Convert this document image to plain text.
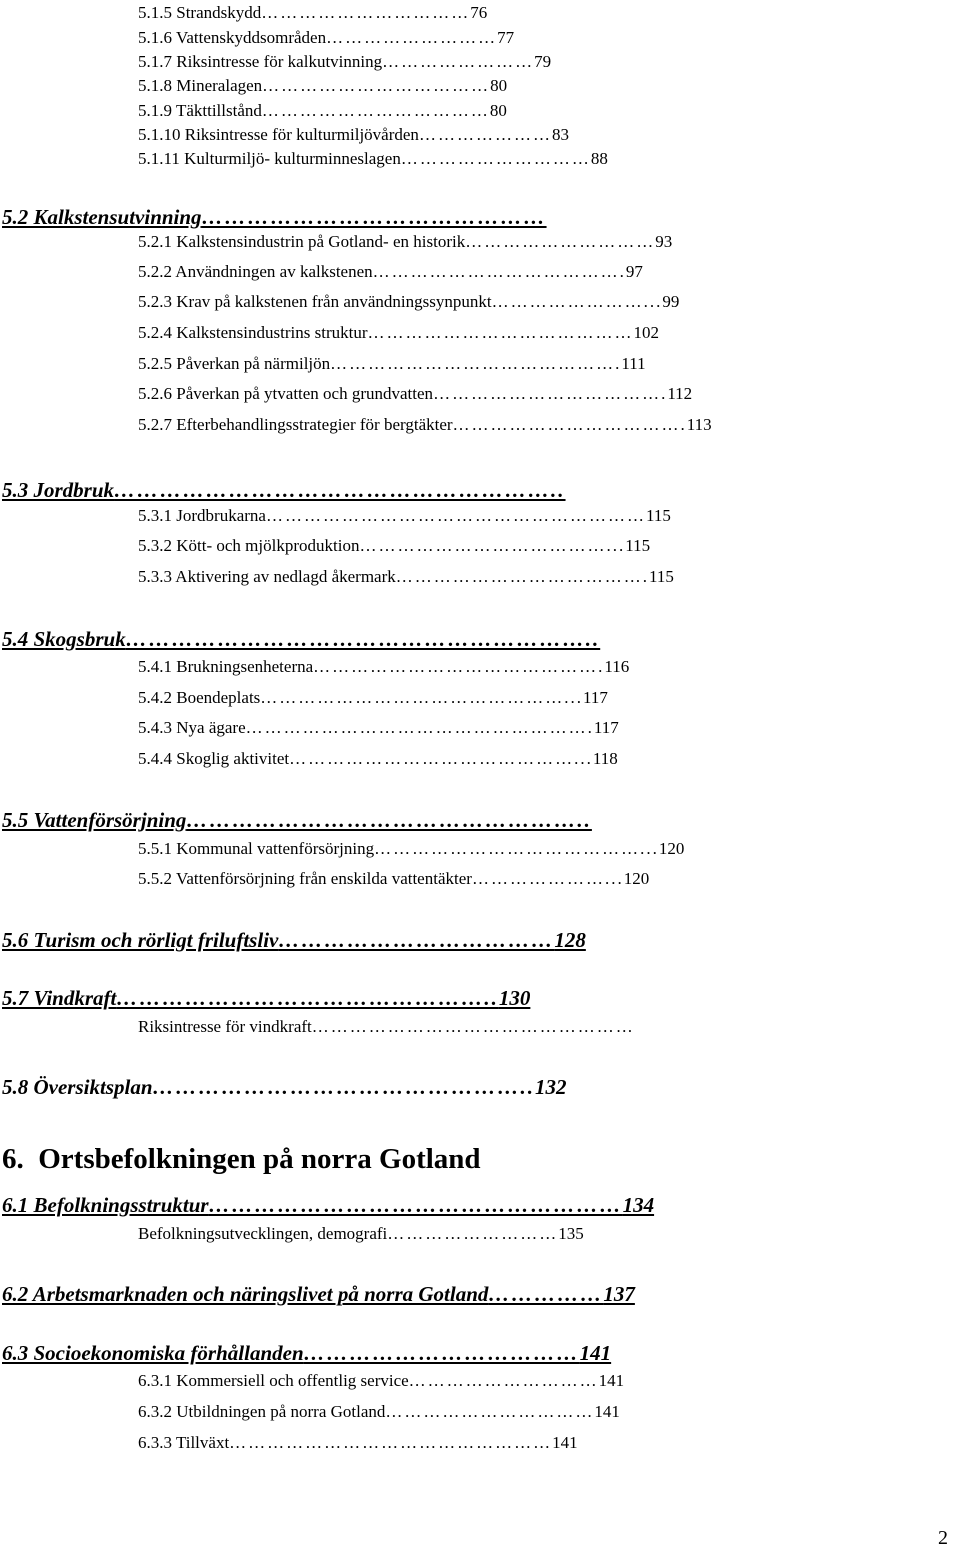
5.1.5 Strandskydd……………………………76
5.1.6 Vattenskyddsområden………………………77
5.1.7 Riksintresse för kalkutvinning……………………79
5.1.8 Mineralagen………………………………80
5.1.9 Täkttillstånd………………………………80
5.1.10 Riksintresse för kulturmiljövården…………………83
5.1.11 Kulturmiljö- kulturminneslagen…………………………88
5.2 Kalkstensutvinning………………………………………
5.2.1 Kalkstensindustrin på Gotland- en historik…………………………93
5.2.2 Användningen av kalkstenen………………………………….97
5.2.3 Krav på kalkstenen från användningssynpunkt……………………...99
5.2.4 Kalkstensindustrins struktur……………………………………102
5.2.5 Påverkan på närmiljön……………………………………….111
5.2.6 Påverkan på ytvatten och grundvatten……………………………….112
5.2.7 Efterbehandlingsstrategier för bergtäkter……………………………….113
5.3 Jordbruk…………………………………………………..
5.3.1 Jordbrukarna……………………………………………………115
5.3.2 Kött- och mjölkproduktion…………………………………...115
5.3.3 Aktivering av nedlagd åkermark………………………………….115
5.4 Skogsbruk……………………………………………………..
5.4.1 Brukningsenheterna……………………………………….116
5.4.2 Boendeplats…………………………………………...117
5.4.3 Nya ägare……………………………………………….117
5.4.4 Skoglig aktivitet………………………………………...118
5.5 Vattenförsörjning……………………………………………..
5.5.1 Kommunal vattenförsörjning……………………………………...120
5.5.2 Vattenförsörjning från enskilda vattentäkter…………………...120
5.6 Turism och rörligt friluftsliv………………………………128
5.7 Vindkraft…………………………………………..130
Riksintresse för vindkraft……………………………………………
5.8 Översiktsplan…………………………………………..132
6.  Ortsbefolkningen på norra Gotland
6.1 Befolkningsstruktur………………………………………………134
Befolkningsutvecklingen, demografi………………………135
6.2 Arbetsmarknaden och näringslivet på norra Gotland……………137
6.3 Socioekonomiska förhållanden………………………………141
6.3.1 Kommersiell och offentlig service…………………………141
6.3.2 Utbildningen på norra Gotland……………………………141
6.3.3 Tillväxt……………………………………………141
2
